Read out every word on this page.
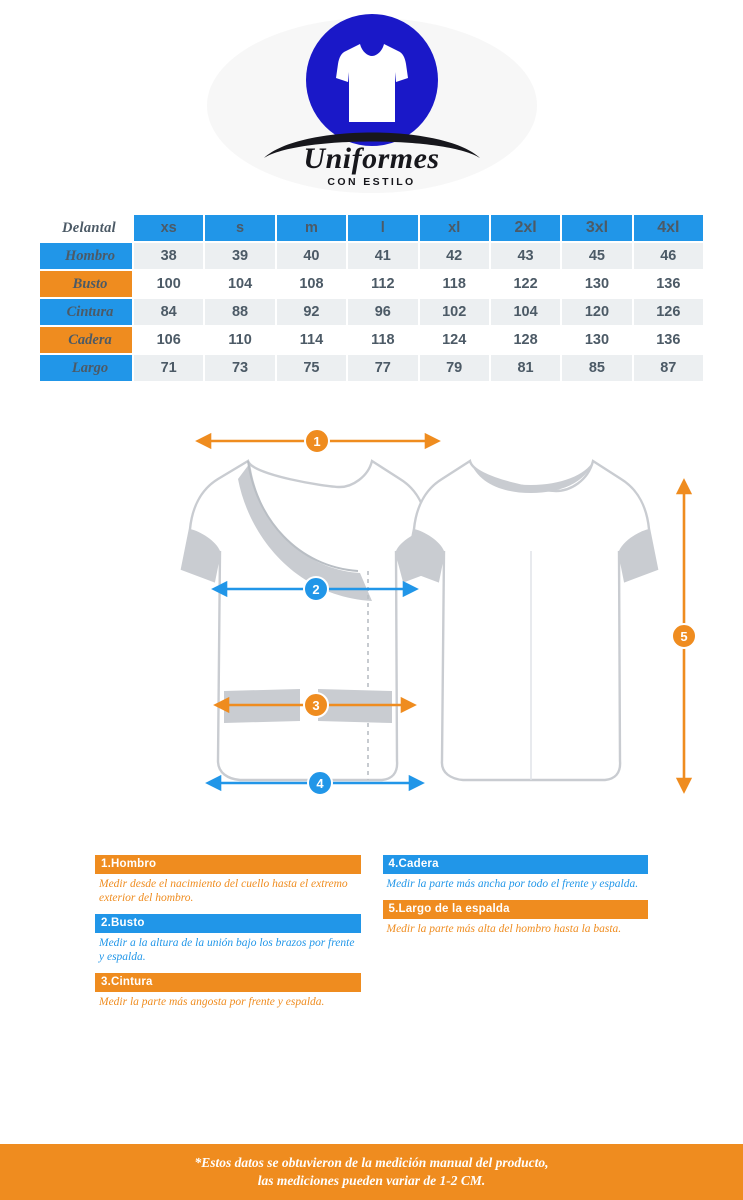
Uniformes
CON ESTILO
Delantal	xs	s	m	l	xl	2xl	3xl	4xl
Hombro	38	39	40	41	42	43	45	46
Busto	100	104	108	112	118	122	130	136
Cintura	84	88	92	96	102	104	120	126
Cadera	106	110	114	118	124	128	130	136
Largo	71	73	75	77	79	81	85	87
1
2
3
4
5
1.Hombro
Medir desde el nacimiento del cuello hasta el extremo exterior del hombro.
2.Busto
Medir a la altura de la unión bajo los brazos por frente y espalda.
3.Cintura
Medir la parte más angosta por frente y espalda.
4.Cadera
Medir la parte más ancha por todo el frente y espalda.
5.Largo de la espalda
Medir la parte más alta del hombro hasta la basta.
*Estos datos se obtuvieron de la medición manual del producto,
las mediciones pueden variar de 1-2 CM.
